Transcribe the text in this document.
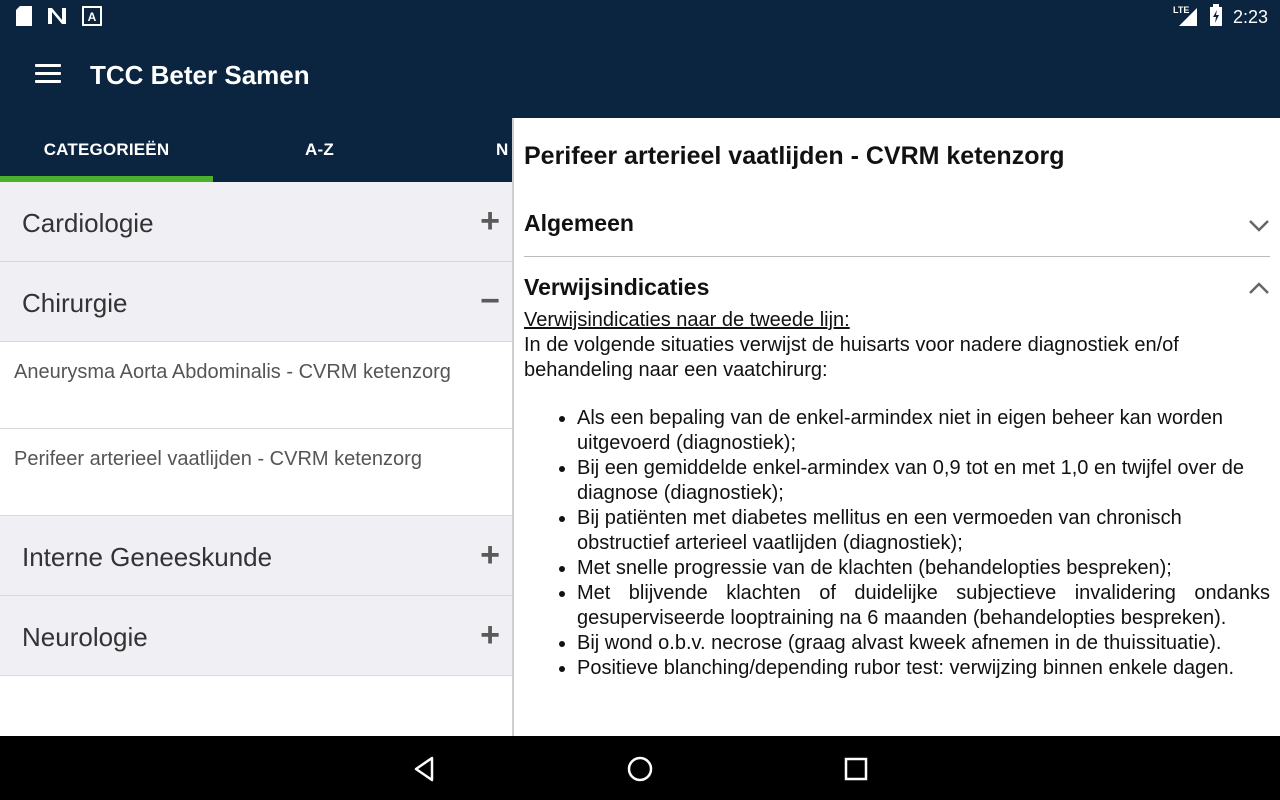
A	LTE 2:23
TCC Beter Samen
CATEGORIEËN	A-Z	N
Cardiologie	+
Chirurgie	−
Aneurysma Aorta Abdominalis - CVRM ketenzorg
Perifeer arterieel vaatlijden - CVRM ketenzorg
Interne Geneeskunde	+
Neurologie	+
Perifeer arterieel vaatlijden - CVRM ketenzorg
Algemeen
Verwijsindicaties
Verwijsindicaties naar de tweede lijn:
In de volgende situaties verwijst de huisarts voor nadere diagnostiek en/of behandeling naar een vaatchirurg:
• Als een bepaling van de enkel-armindex niet in eigen beheer kan worden uitgevoerd (diagnostiek);
• Bij een gemiddelde enkel-armindex van 0,9 tot en met 1,0 en twijfel over de diagnose (diagnostiek);
• Bij patiënten met diabetes mellitus en een vermoeden van chronisch obstructief arterieel vaatlijden (diagnostiek);
• Met snelle progressie van de klachten (behandelopties bespreken);
• Met blijvende klachten of duidelijke subjectieve invalidering ondanks gesuperviseerde looptraining na 6 maanden (behandelopties bespreken).
• Bij wond o.b.v. necrose (graag alvast kweek afnemen in de thuissituatie).
• Positieve blanching/depending rubor test: verwijzing binnen enkele dagen.
